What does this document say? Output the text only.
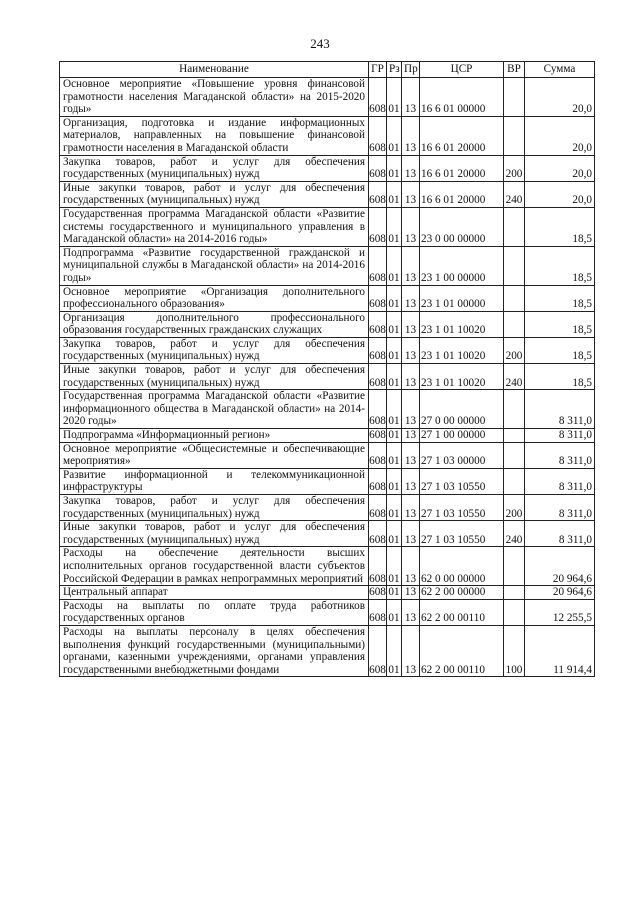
243
Наименование	ГР	Рз	Пр	ЦСР	ВР	Сумма
Основное мероприятие «Повышение уровня финансовой грамотности населения Магаданской области» на 2015-2020 годы»	608	01	13	16 6 01 00000		20,0
Организация, подготовка и издание информационных материалов, направленных на повышение финансовой грамотности населения в Магаданской области	608	01	13	16 6 01 20000		20,0
Закупка товаров, работ и услуг для обеспечения государственных (муниципальных) нужд	608	01	13	16 6 01 20000	200	20,0
Иные закупки товаров, работ и услуг для обеспечения государственных (муниципальных) нужд	608	01	13	16 6 01 20000	240	20,0
Государственная программа Магаданской области «Развитие системы государственного и муниципального управления в Магаданской области» на 2014-2016 годы»	608	01	13	23 0 00 00000		18,5
Подпрограмма «Развитие государственной гражданской и муниципальной службы в Магаданской области» на 2014-2016 годы»	608	01	13	23 1 00 00000		18,5
Основное мероприятие «Организация дополнительного профессионального образования»	608	01	13	23 1 01 00000		18,5
Организация дополнительного профессионального образования государственных гражданских служащих	608	01	13	23 1 01 10020		18,5
Закупка товаров, работ и услуг для обеспечения государственных (муниципальных) нужд	608	01	13	23 1 01 10020	200	18,5
Иные закупки товаров, работ и услуг для обеспечения государственных (муниципальных) нужд	608	01	13	23 1 01 10020	240	18,5
Государственная программа Магаданской области «Развитие информационного общества в Магаданской области» на 2014-2020 годы»	608	01	13	27 0 00 00000		8 311,0
Подпрограмма «Информационный регион»	608	01	13	27 1 00 00000		8 311,0
Основное мероприятие «Общесистемные и обеспечивающие мероприятия»	608	01	13	27 1 03 00000		8 311,0
Развитие информационной и телекоммуникационной инфраструктуры	608	01	13	27 1 03 10550		8 311,0
Закупка товаров, работ и услуг для обеспечения государственных (муниципальных) нужд	608	01	13	27 1 03 10550	200	8 311,0
Иные закупки товаров, работ и услуг для обеспечения государственных (муниципальных) нужд	608	01	13	27 1 03 10550	240	8 311,0
Расходы на обеспечение деятельности высших исполнительных органов государственной власти субъектов Российской Федерации в рамках непрограммных мероприятий	608	01	13	62 0 00 00000		20 964,6
Центральный аппарат	608	01	13	62 2 00 00000		20 964,6
Расходы на выплаты по оплате труда работников государственных органов	608	01	13	62 2 00 00110		12 255,5
Расходы на выплаты персоналу в целях обеспечения выполнения функций государственными (муниципальными) органами, казенными учреждениями, органами управления государственными внебюджетными фондами	608	01	13	62 2 00 00110	100	11 914,4
